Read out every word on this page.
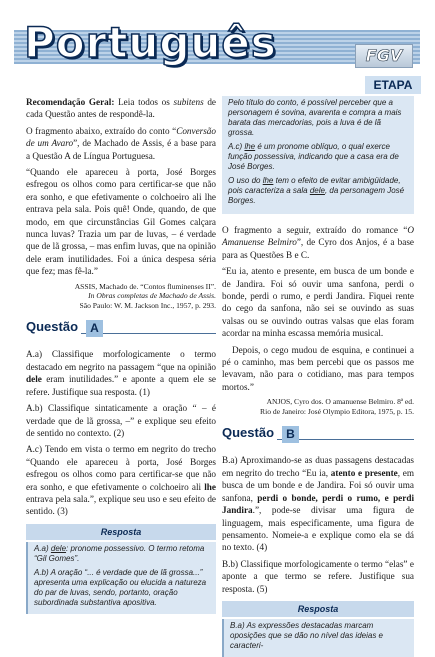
Português	FGV
ETAPA

Recomendação Geral: Leia todos os subitens de cada Questão antes de respondê-la.

O fragmento abaixo, extraído do conto “Conversão de um Avaro”, de Machado de Assis, é a base para a Questão A de Língua Portuguesa.

“Quando ele apareceu à porta, José Borges esfregou os olhos como para certificar-se que não era sonho, e que efetivamente o colchoeiro ali lhe entrava pela sala. Pois quê! Onde, quando, de que modo, em que circunstâncias Gil Gomes calçara nunca luvas? Trazia um par de luvas, – é verdade que de lã grossa, – mas enfim luvas, que na opinião dele eram inutilidades. Foi a única despesa séria que fez; mas fê-la.”

ASSIS, Machado de. “Contos fluminenses II”.
In Obras completas de Machado de Assis.
São Paulo: W. M. Jackson Inc., 1957, p. 293.
Questão	A

A.a) Classifique morfologicamente o termo destacado em negrito na passagem “que na opinião dele eram inutilidades.” e aponte a quem ele se refere. Justifique sua resposta. (1)

A.b) Classifique sintaticamente a oração “ – é verdade que de lã grossa, –” e explique seu efeito de sentido no contexto. (2)

A.c) Tendo em vista o termo em negrito do trecho “Quando ele apareceu à porta, José Borges esfregou os olhos como para certificar-se que não era sonho, e que efetivamente o colchoeiro ali lhe entrava pela sala.”, explique seu uso e seu efeito de sentido. (3)

Resposta

A.a) dele: pronome possessivo. O termo retoma “Gil Gomes”.

A.b) A oração “... é verdade que de lã grossa...” apresenta uma explicação ou elucida a natureza do par de luvas, sendo, portanto, oração subordinada substantiva apositiva.

Pelo título do conto, é possível perceber que a personagem é sovina, avarenta e compra a mais barata das mercadorias, pois a luva é de lã grossa.

A.c) lhe é um pronome oblíquo, o qual exerce função possessiva, indicando que a casa era de José Borges.

O uso do lhe tem o efeito de evitar ambigüidade, pois caracteriza a sala dele, da personagem José Borges.

O fragmento a seguir, extraído do romance “O Amanuense Belmiro”, de Cyro dos Anjos, é a base para as Questões B e C.

“Eu ia, atento e presente, em busca de um bonde e de Jandira. Foi só ouvir uma sanfona, perdi o bonde, perdi o rumo, e perdi Jandira. Fiquei rente do cego da sanfona, não sei se ouvindo as suas valsas ou se ouvindo outras valsas que elas foram acordar na minha escassa memória musical.

Depois, o cego mudou de esquina, e continuei a pé o caminho, mas bem percebi que os passos me levavam, não para o cotidiano, mas para tempos mortos.”

ANJOS, Cyro dos. O amanuense Belmiro. 8ª ed.
Rio de Janeiro: José Olympio Editora, 1975, p. 15.
Questão	B

B.a) Aproximando-se as duas passagens destacadas em negrito do trecho “Eu ia, atento e presente, em busca de um bonde e de Jandira. Foi só ouvir uma sanfona, perdi o bonde, perdi o rumo, e perdi Jandira.”, pode-se divisar uma figura de linguagem, mais especificamente, uma figura de pensamento. Nomeie-a e explique como ela se dá no texto. (4)

B.b) Classifique morfologicamente o termo “elas” e aponte a que termo se refere. Justifique sua resposta. (5)

Resposta

B.a) As expressões destacadas marcam oposições que se dão no nível das ideias e caracteri-
